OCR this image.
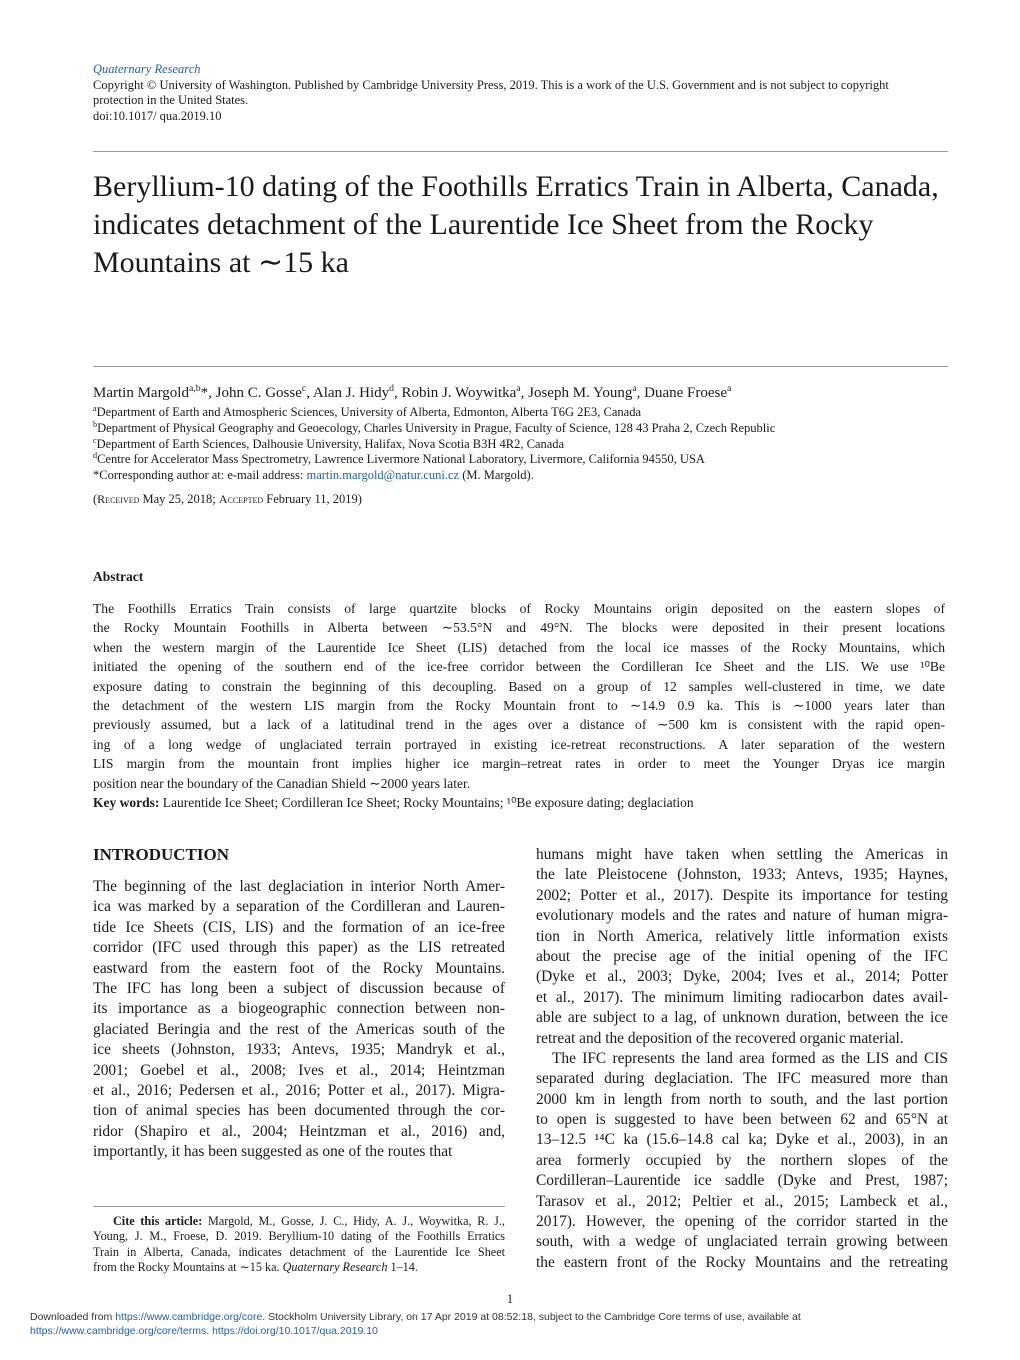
Quaternary Research
Copyright © University of Washington. Published by Cambridge University Press, 2019. This is a work of the U.S. Government and is not subject to copyright
protection in the United States.
doi:10.1017/ qua.2019.10
Beryllium-10 dating of the Foothills Erratics Train in Alberta, Canada,
indicates detachment of the Laurentide Ice Sheet from the Rocky
Mountains at ∼15 ka
Martin Margold$^{a,b}$*, John C. Gosse$^c$, Alan J. Hidy$^d$, Robin J. Woywitka$^a$, Joseph M. Young$^a$, Duane Froese$^a$
$^a$Department of Earth and Atmospheric Sciences, University of Alberta, Edmonton, Alberta T6G 2E3, Canada
$^b$Department of Physical Geography and Geoecology, Charles University in Prague, Faculty of Science, 128 43 Praha 2, Czech Republic
$^c$Department of Earth Sciences, Dalhousie University, Halifax, Nova Scotia B3H 4R2, Canada
$^d$Centre for Accelerator Mass Spectrometry, Lawrence Livermore National Laboratory, Livermore, California 94550, USA
*Corresponding author at: e-mail address: martin.margold@natur.cuni.cz (M. Margold).
(Received May 25, 2018; Accepted February 11, 2019)
Abstract
The Foothills Erratics Train consists of large quartzite blocks of Rocky Mountains origin deposited on the eastern slopes of
the Rocky Mountain Foothills in Alberta between ∼53.5°N and 49°N. The blocks were deposited in their present locations
when the western margin of the Laurentide Ice Sheet (LIS) detached from the local ice masses of the Rocky Mountains, which
initiated the opening of the southern end of the ice-free corridor between the Cordilleran Ice Sheet and the LIS. We use ¹⁰Be
exposure dating to constrain the beginning of this decoupling. Based on a group of 12 samples well-clustered in time, we date
the detachment of the western LIS margin from the Rocky Mountain front to ∼14.9 0.9 ka. This is ∼1000 years later than
previously assumed, but a lack of a latitudinal trend in the ages over a distance of ∼500 km is consistent with the rapid open-
ing of a long wedge of unglaciated terrain portrayed in existing ice-retreat reconstructions. A later separation of the western
LIS margin from the mountain front implies higher ice margin–retreat rates in order to meet the Younger Dryas ice margin
position near the boundary of the Canadian Shield ∼2000 years later.
Key words: Laurentide Ice Sheet; Cordilleran Ice Sheet; Rocky Mountains; ¹⁰Be exposure dating; deglaciation
INTRODUCTION
The beginning of the last deglaciation in interior North Amer-
ica was marked by a separation of the Cordilleran and Lauren-
tide Ice Sheets (CIS, LIS) and the formation of an ice-free
corridor (IFC used through this paper) as the LIS retreated
eastward from the eastern foot of the Rocky Mountains.
The IFC has long been a subject of discussion because of
its importance as a biogeographic connection between non-
glaciated Beringia and the rest of the Americas south of the
ice sheets (Johnston, 1933; Antevs, 1935; Mandryk et al.,
2001; Goebel et al., 2008; Ives et al., 2014; Heintzman
et al., 2016; Pedersen et al., 2016; Potter et al., 2017). Migra-
tion of animal species has been documented through the cor-
ridor (Shapiro et al., 2004; Heintzman et al., 2016) and,
importantly, it has been suggested as one of the routes that
humans might have taken when settling the Americas in
the late Pleistocene (Johnston, 1933; Antevs, 1935; Haynes,
2002; Potter et al., 2017). Despite its importance for testing
evolutionary models and the rates and nature of human migra-
tion in North America, relatively little information exists
about the precise age of the initial opening of the IFC
(Dyke et al., 2003; Dyke, 2004; Ives et al., 2014; Potter
et al., 2017). The minimum limiting radiocarbon dates avail-
able are subject to a lag, of unknown duration, between the ice
retreat and the deposition of the recovered organic material.
The IFC represents the land area formed as the LIS and CIS
separated during deglaciation. The IFC measured more than
2000 km in length from north to south, and the last portion
to open is suggested to have been between 62 and 65°N at
13–12.5 ¹⁴C ka (15.6–14.8 cal ka; Dyke et al., 2003), in an
area formerly occupied by the northern slopes of the
Cordilleran–Laurentide ice saddle (Dyke and Prest, 1987;
Tarasov et al., 2012; Peltier et al., 2015; Lambeck et al.,
2017). However, the opening of the corridor started in the
south, with a wedge of unglaciated terrain growing between
the eastern front of the Rocky Mountains and the retreating
Cite this article: Margold, M., Gosse, J. C., Hidy, A. J., Woywitka, R. J.,
Young, J. M., Froese, D. 2019. Beryllium-10 dating of the Foothills Erratics
Train in Alberta, Canada, indicates detachment of the Laurentide Ice Sheet
from the Rocky Mountains at ∼15 ka. Quaternary Research 1–14.
1
Downloaded from https://www.cambridge.org/core. Stockholm University Library, on 17 Apr 2019 at 08:52:18, subject to the Cambridge Core terms of use, available at
https://www.cambridge.org/core/terms. https://doi.org/10.1017/qua.2019.10
